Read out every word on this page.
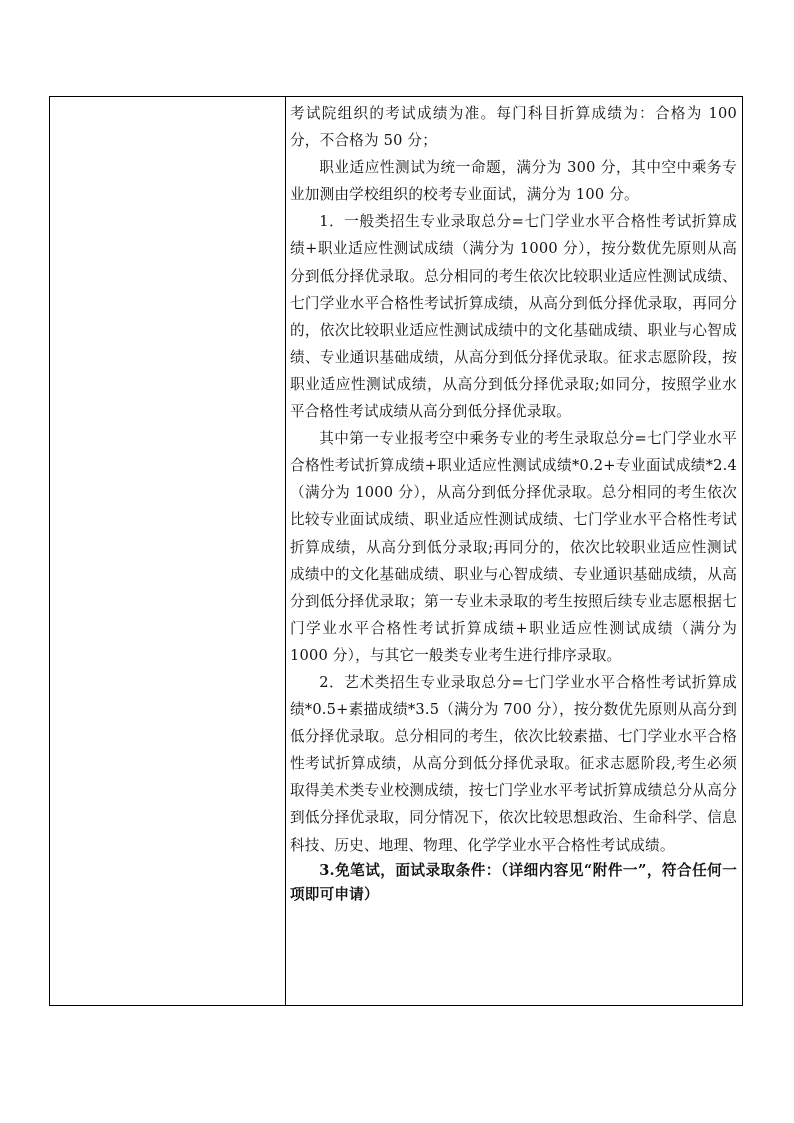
考试院组织的考试成绩为准。每门科目折算成绩为：合格为 100 分，不合格为 50 分；

职业适应性测试为统一命题，满分为 300 分，其中空中乘务专业加测由学校组织的校考专业面试，满分为 100 分。

1．一般类招生专业录取总分=七门学业水平合格性考试折算成绩+职业适应性测试成绩（满分为 1000 分），按分数优先原则从高分到低分择优录取。总分相同的考生依次比较职业适应性测试成绩、七门学业水平合格性考试折算成绩，从高分到低分择优录取，再同分的，依次比较职业适应性测试成绩中的文化基础成绩、职业与心智成绩、专业通识基础成绩，从高分到低分择优录取。征求志愿阶段，按职业适应性测试成绩，从高分到低分择优录取;如同分，按照学业水平合格性考试成绩从高分到低分择优录取。

其中第一专业报考空中乘务专业的考生录取总分=七门学业水平合格性考试折算成绩+职业适应性测试成绩*0.2+专业面试成绩*2.4（满分为 1000 分），从高分到低分择优录取。总分相同的考生依次比较专业面试成绩、职业适应性测试成绩、七门学业水平合格性考试折算成绩，从高分到低分录取;再同分的，依次比较职业适应性测试成绩中的文化基础成绩、职业与心智成绩、专业通识基础成绩，从高分到低分择优录取；第一专业未录取的考生按照后续专业志愿根据七门学业水平合格性考试折算成绩+职业适应性测试成绩（满分为 1000 分），与其它一般类专业考生进行排序录取。

2．艺术类招生专业录取总分=七门学业水平合格性考试折算成绩*0.5+素描成绩*3.5（满分为 700 分），按分数优先原则从高分到低分择优录取。总分相同的考生，依次比较素描、七门学业水平合格性考试折算成绩，从高分到低分择优录取。征求志愿阶段,考生必须取得美术类专业校测成绩，按七门学业水平考试折算成绩总分从高分到低分择优录取，同分情况下，依次比较思想政治、生命科学、信息科技、历史、地理、物理、化学学业水平合格性考试成绩。

3.免笔试，面试录取条件：（详细内容见“附件一”，符合任何一项即可申请）
